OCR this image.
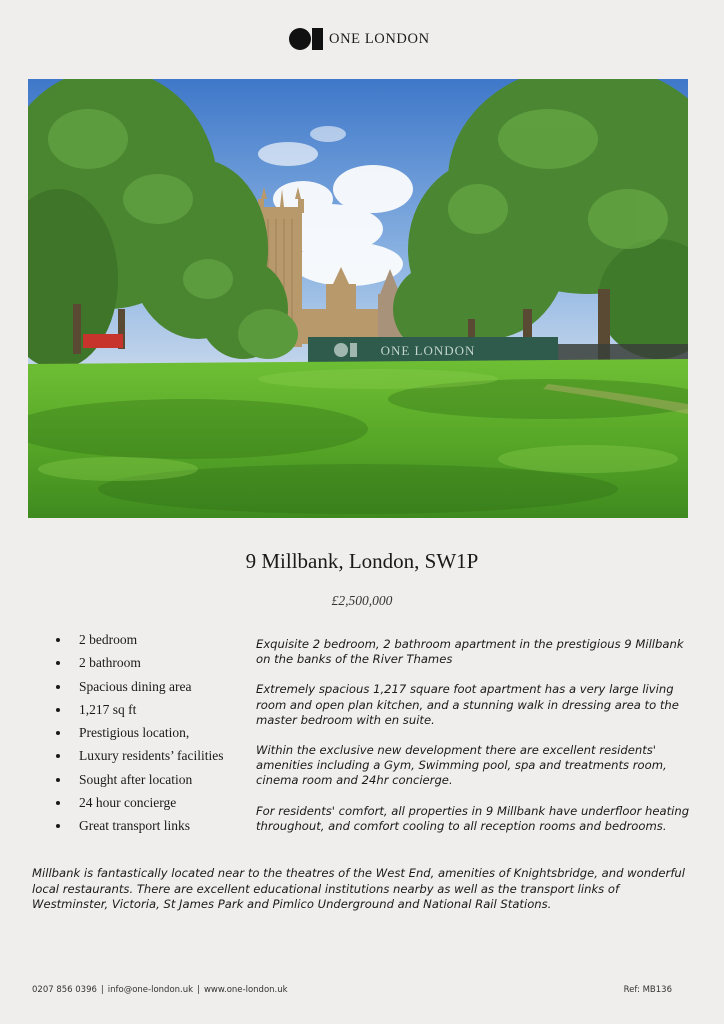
ONE LONDON
ONE LONDON
9 Millbank, London, SW1P
£2,500,000
2 bedroom
2 bathroom
Spacious dining area
1,217 sq ft
Prestigious location,
Luxury residents’ facilities
Sought after location
24 hour concierge
Great transport links

Exquisite 2 bedroom, 2 bathroom apartment in the prestigious 9 Millbank on the banks of the River Thames

Extremely spacious 1,217 square foot apartment has a very large living room and open plan kitchen, and a stunning walk in dressing area to the master bedroom with en suite.

Within the exclusive new development there are excellent residents' amenities including a Gym, Swimming pool, spa and treatments room, cinema room and 24hr concierge.

For residents' comfort, all properties in 9 Millbank have underfloor heating throughout, and comfort cooling to all reception rooms and bedrooms.

Millbank is fantastically located near to the theatres of the West End, amenities of Knightsbridge, and wonderful local restaurants. There are excellent educational institutions nearby as well as the transport links of Westminster, Victoria, St James Park and Pimlico Underground and National Rail Stations.

0207 856 0396 | info@one-london.uk | www.one-london.uk	Ref: MB136
